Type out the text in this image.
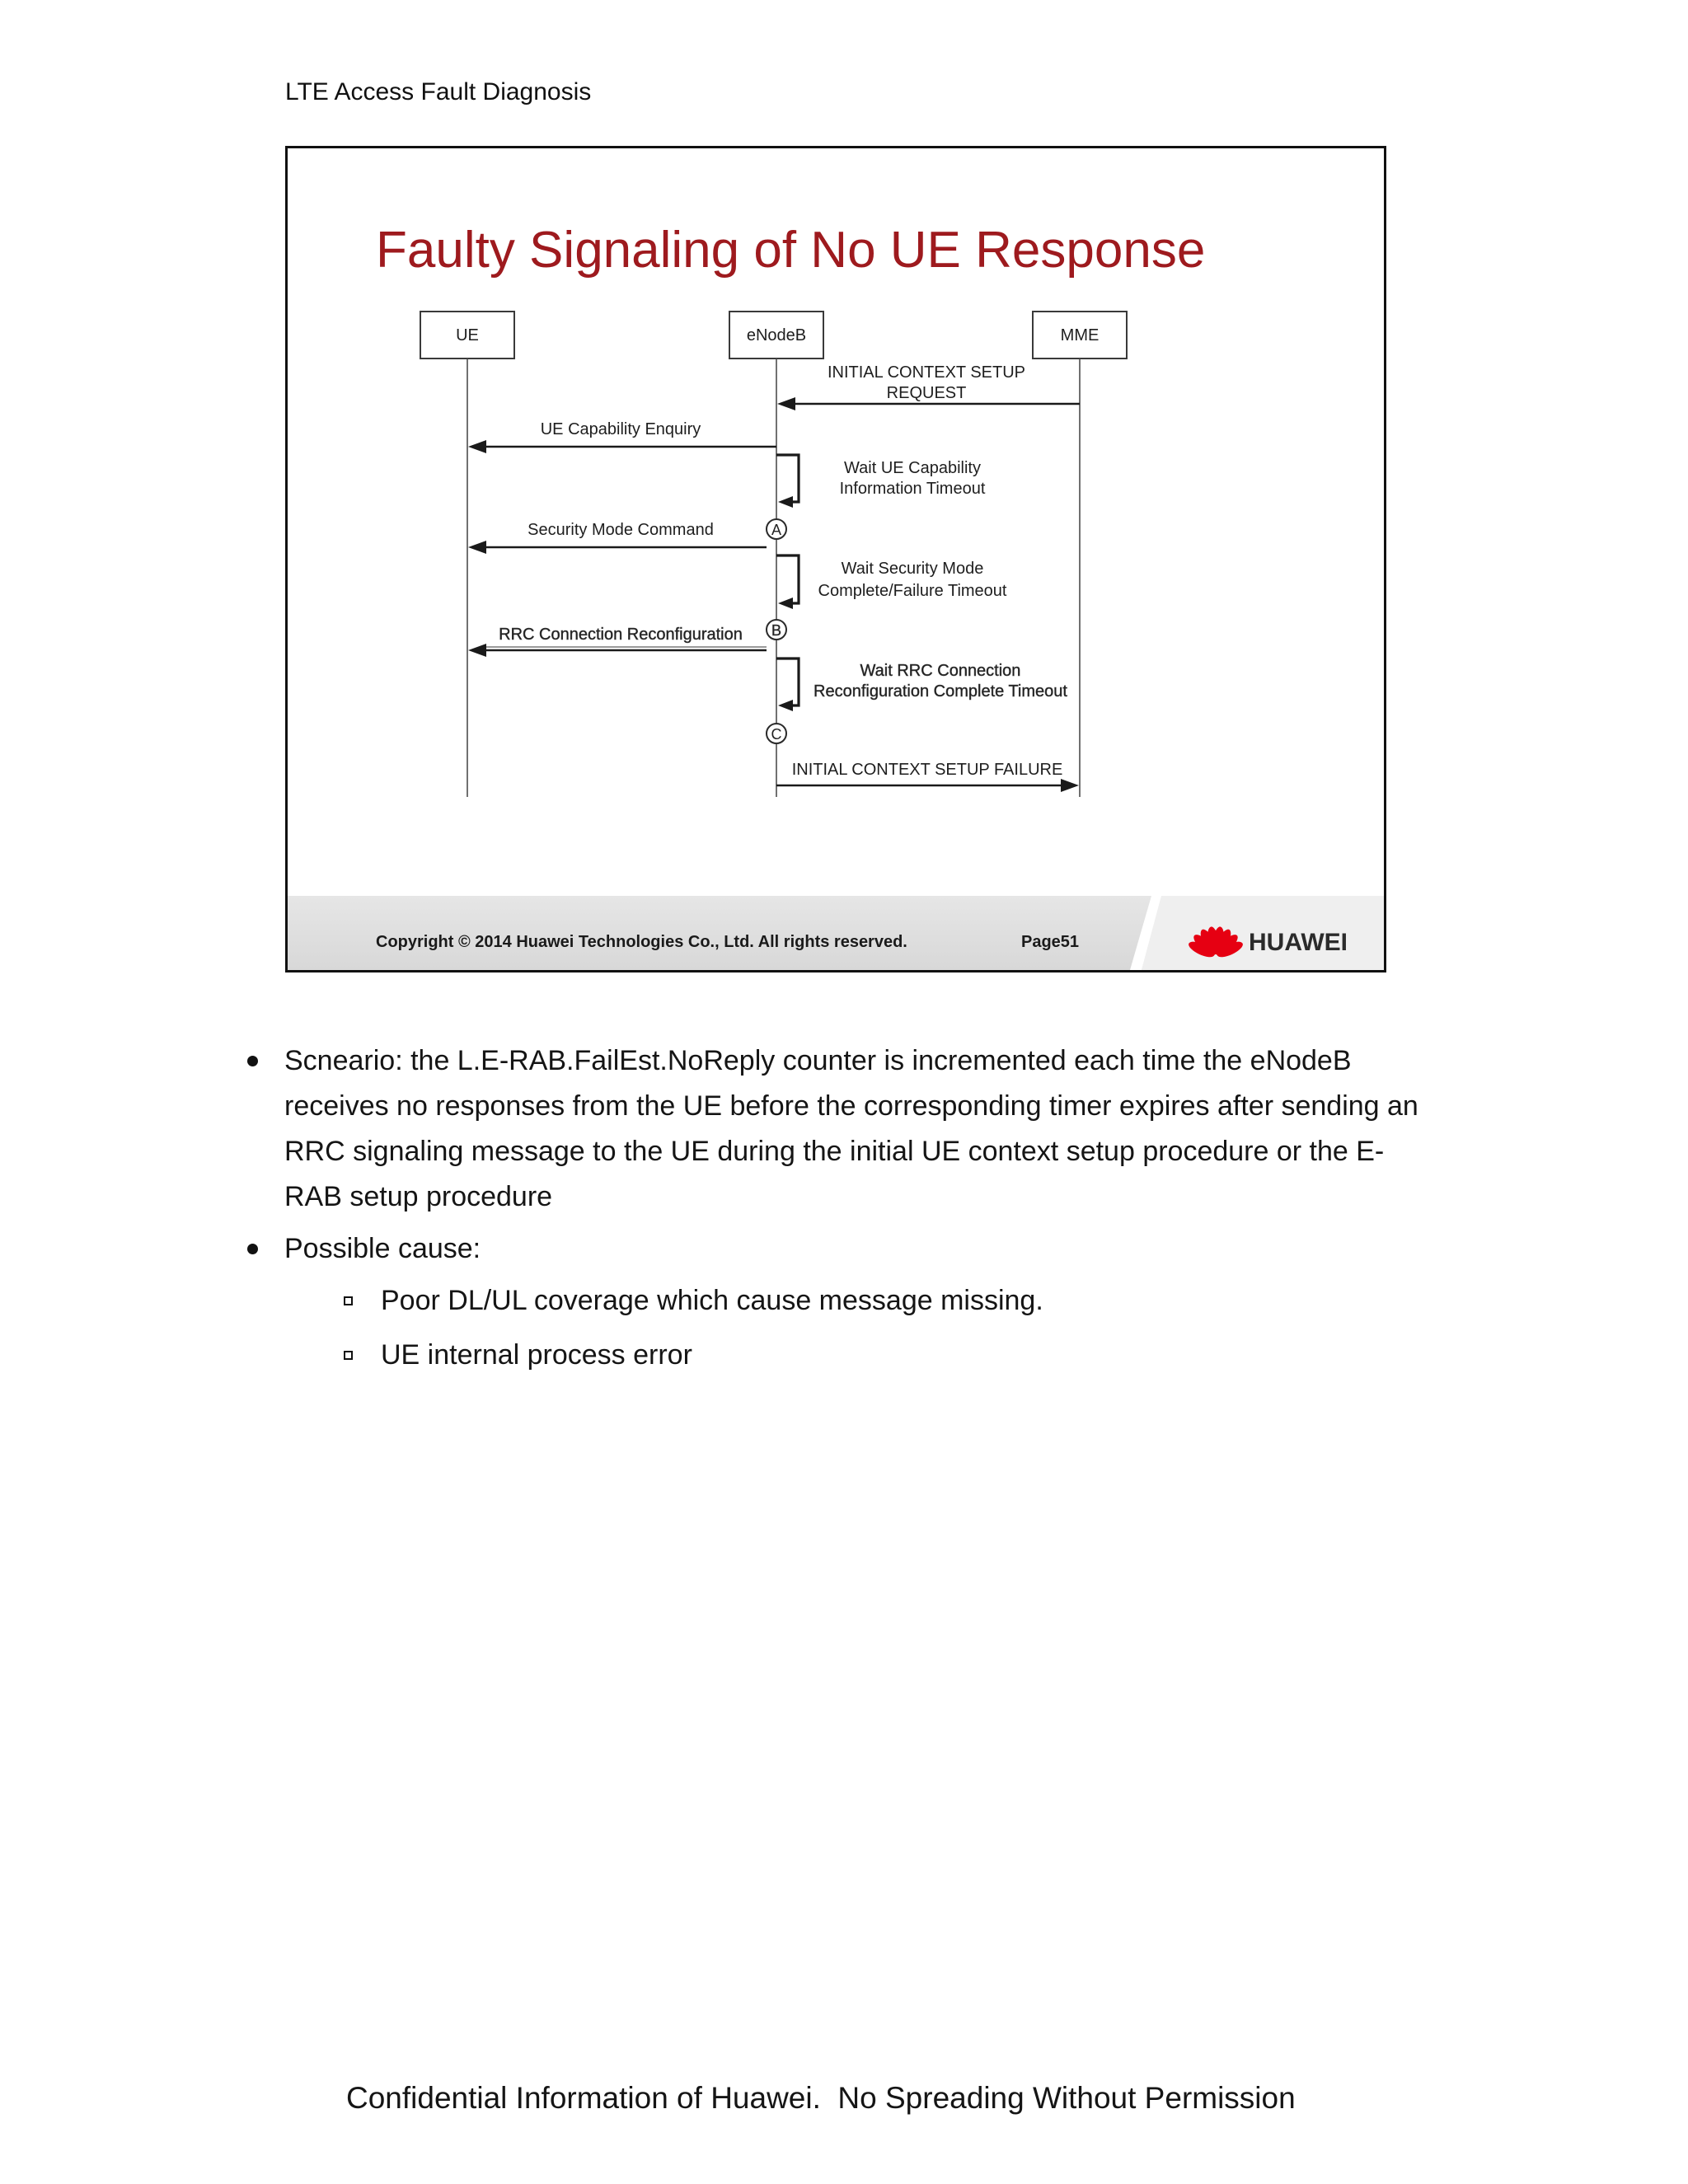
LTE Access Fault Diagnosis
Faulty Signaling of No UE Response
UE	eNodeB	MME
INITIAL CONTEXT SETUP
REQUEST
UE Capability Enquiry
Wait UE Capability
Information Timeout
A
Security Mode Command
Wait Security Mode
Complete/Failure Timeout
B
RRC Connection Reconfiguration
Wait RRC Connection
Reconfiguration Complete Timeout
C
INITIAL CONTEXT SETUP FAILURE
Copyright © 2014 Huawei Technologies Co., Ltd. All rights reserved.	Page51	HUAWEI

Scneario: the L.E-RAB.FailEst.NoReply counter is incremented each time the eNodeB receives no responses from the UE before the corresponding timer expires after sending an RRC signaling message to the UE during the initial UE context setup procedure or the E-RAB setup procedure

Possible cause:

Poor DL/UL coverage which cause message missing.

UE internal process error

Confidential Information of Huawei.  No Spreading Without Permission
